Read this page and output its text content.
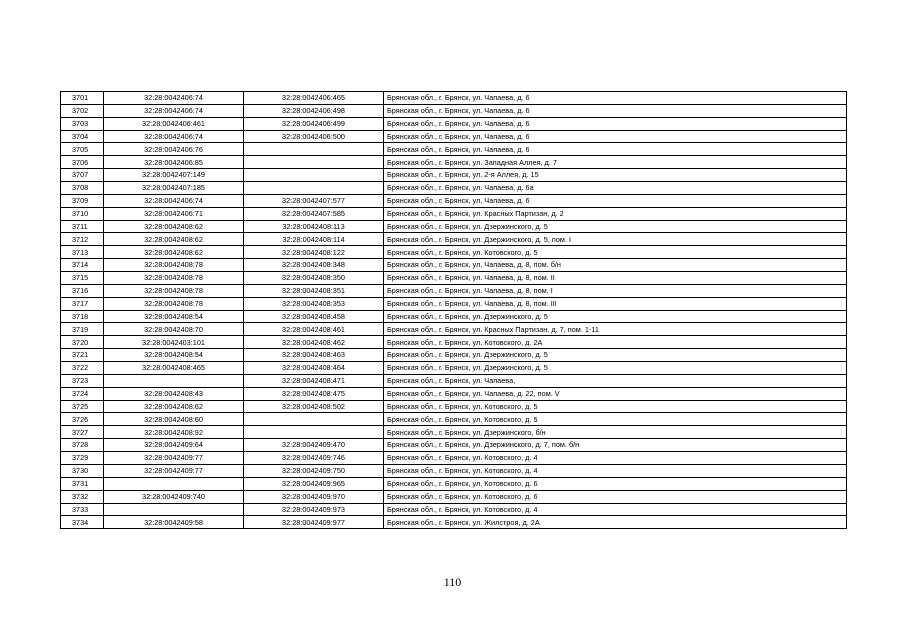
3701	32:28:0042406:74	32:28:0042406:465	Брянская обл., г. Брянск, ул. Чапаева, д. 6
3702	32:28:0042406:74	32:28:0042406:498	Брянская обл., г. Брянск, ул. Чапаева, д. 6
3703	32:28:0042406:461	32:28:0042406:499	Брянская обл., г. Брянск, ул. Чапаева, д. 6
3704	32:28:0042406:74	32:28:0042406:500	Брянская обл., г. Брянск, ул. Чапаева, д. 6
3705	32:28:0042406:76		Брянская обл., г. Брянск, ул. Чапаева, д. 6
3706	32:28:0042406:85		Брянская обл., г. Брянск, ул. Западная Аллея, д. 7
3707	32:28:0042407:149		Брянская обл., г. Брянск, ул. 2-я Аллея, д. 15
3708	32:28:0042407:185		Брянская обл., г. Брянск, ул. Чапаева, д. 6а
3709	32:28:0042406:74	32:28:0042407:577	Брянская обл., г. Брянск, ул. Чапаева, д. 6
3710	32:28:0042406:71	32:28:0042407:585	Брянская обл., г. Брянск, ул. Красных Партизан, д. 2
3711	32:28:0042408:62	32:28:0042408:113	Брянская обл., г. Брянск, ул. Дзержинского, д. 5
3712	32:28:0042408:62	32:28:0042408:114	Брянская обл., г. Брянск, ул. Дзержинского, д. 5, пом. I
3713	32:28:0042408:62	32:28:0042408:122	Брянская обл., г. Брянск, ул. Котовского, д. 5
3714	32:28:0042408:78	32:28:0042408:348	Брянская обл., г. Брянск, ул. Чапаева, д. 8, пом. б/н
3715	32:28:0042408:78	32:28:0042408:350	Брянская обл., г. Брянск, ул. Чапаева, д. 8, пом. II
3716	32:28:0042408:78	32:28:0042408:351	Брянская обл., г. Брянск, ул. Чапаева, д. 8, пом. I
3717	32:28:0042408:78	32:28:0042408:353	Брянская обл., г. Брянск, ул. Чапаева, д. 8, пом. III
3718	32:28:0042408:54	32:28:0042408:458	Брянская обл., г. Брянск, ул. Дзержинского, д. 5
3719	32:28:0042408:70	32:28:0042408:461	Брянская обл., г. Брянск, ул. Красных Партизан, д. 7, пом. 1-11
3720	32:28:0042403:101	32:28:0042408:462	Брянская обл., г. Брянск, ул. Котовского, д. 2А
3721	32:28:0042408:54	32:28:0042408:463	Брянская обл., г. Брянск, ул. Дзержинского, д. 5
3722	32:28:0042408:465	32:28:0042408:464	Брянская обл., г. Брянск, ул. Дзержинского, д. 5
3723		32:28:0042408:471	Брянская обл., г. Брянск, ул. Чапаева,
3724	32:28:0042408:43	32:28:0042408:475	Брянская обл., г. Брянск, ул. Чапаева, д. 22, пом. V
3725	32:28:0042408:62	32:28:0042408:502	Брянская обл., г. Брянск, ул. Котовского, д. 5
3726	32:28:0042408:60		Брянская обл., г. Брянск, ул. Котовского, д. 5
3727	32:28:0042408:92		Брянская обл., г. Брянск, ул. Дзержинского, б/н
3728	32:28:0042409:64	32:28:0042409:470	Брянская обл., г. Брянск, ул. Дзержинского, д. 7, пом. б/н
3729	32:28:0042409:77	32:28:0042409:746	Брянская обл., г. Брянск, ул. Котовского, д. 4
3730	32:28:0042409:77	32:28:0042409:750	Брянская обл., г. Брянск, ул. Котовского, д. 4
3731		32:28:0042409:965	Брянская обл., г. Брянск, ул. Котовского, д. 6
3732	32:28:0042409:740	32:28:0042409:970	Брянская обл., г. Брянск, ул. Котовского, д. 6
3733		32:28:0042409:973	Брянская обл., г. Брянск, ул. Котовского, д. 4
3734	32:28:0042409:58	32:28:0042409:977	Брянская обл., г. Брянск, ул. Жилстроя, д. 2А
110
